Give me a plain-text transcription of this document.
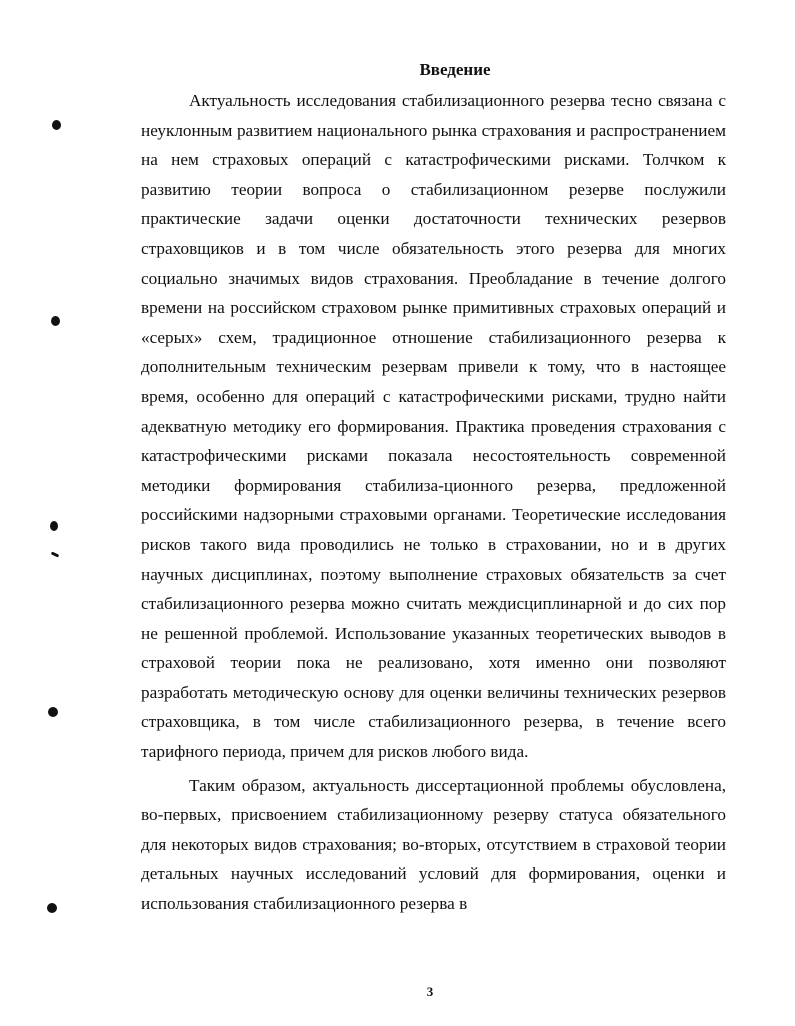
Введение

Актуальность исследования стабилизационного резерва тесно связана с неуклонным развитием национального рынка страхования и распространением на нем страховых операций с катастрофическими рисками. Толчком к развитию теории вопроса о стабилизационном резерве послужили практические задачи оценки достаточности технических резервов страховщиков и в том числе обязательность этого резерва для многих социально значимых видов страхования. Преобладание в течение долгого времени на российском страховом рынке примитивных страховых операций и «серых» схем, традиционное отношение стабилизационного резерва к дополнительным техническим резервам привели к тому, что в настоящее время, особенно для операций с катастрофическими рисками, трудно найти адекватную методику его формирования. Практика проведения страхования с катастрофическими рисками показала несостоятельность современной методики формирования стабилиза-ционного резерва, предложенной российскими надзорными страховыми органами. Теоретические исследования рисков такого вида проводились не только в страховании, но и в других научных дисциплинах, поэтому выполнение страховых обязательств за счет стабилизационного резерва можно считать междисциплинарной и до сих пор не решенной проблемой. Использование указанных теоретических выводов в страховой теории пока не реализовано, хотя именно они позволяют разработать методическую основу для оценки величины технических резервов страховщика, в том числе стабилизационного резерва, в течение всего тарифного периода, причем для рисков любого вида.

Таким образом, актуальность диссертационной проблемы обусловлена, во-первых, присвоением стабилизационному резерву статуса обязательного для некоторых видов страхования; во-вторых, отсутствием в страховой теории детальных научных исследований условий для формирования, оценки и использования стабилизационного резерва в

3
